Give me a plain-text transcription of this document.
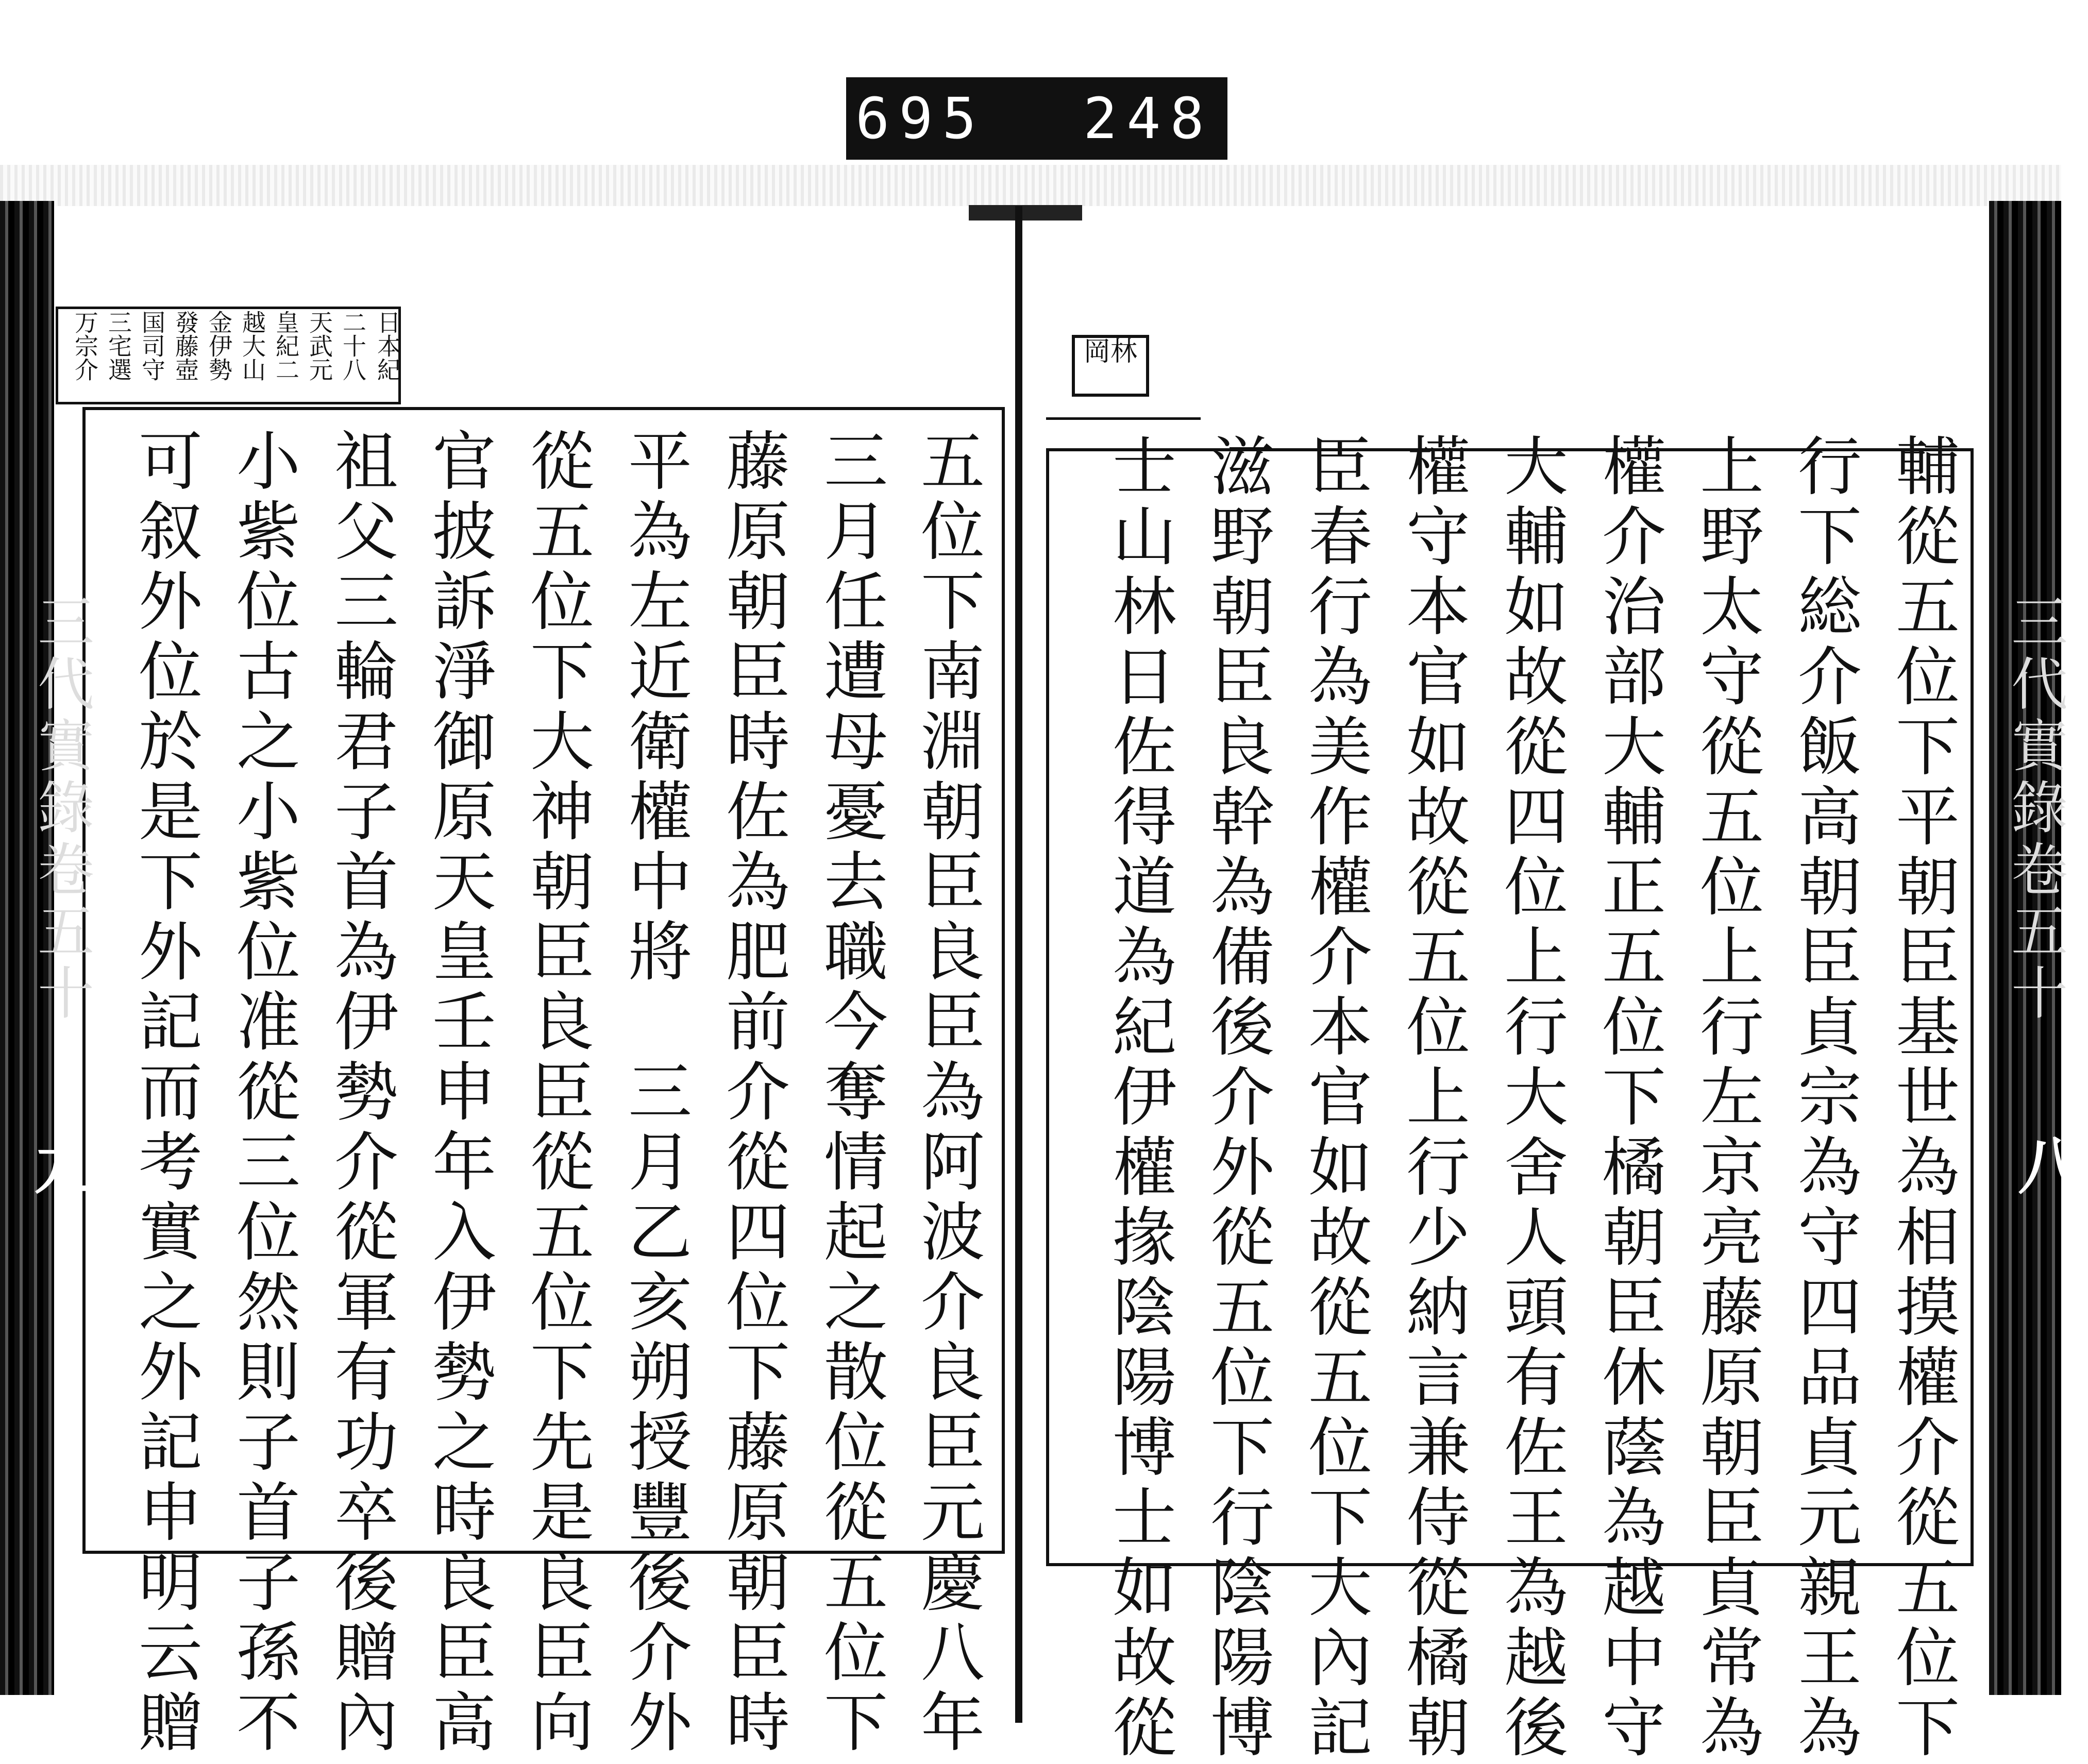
695 248
日本紀
二十八
天武元
皇紀二
越大山
金伊勢
發藤壺
国司守
三宅選
万宗介
五位下南淵朝臣良臣為阿波介良臣元慶八年
三月任遭母憂去職今奪情起之散位從五位下
藤原朝臣時佐為肥前介從四位下藤原朝臣時
平為左近衛權中將　三月乙亥朔授豐後介外
從五位下大神朝臣良臣從五位下先是良臣向
官披訴淨御原天皇壬申年入伊勢之時良臣高
祖父三輪君子首為伊勢介從軍有功卒後贈內
小紫位古之小紫位准從三位然則子首子孫不
可叙外位於是下外記而考實之外記申明云贈
三代實錄卷五十
九
岡林
輔從五位下平朝臣基世為相摸權介從五位下
行下総介飯高朝臣貞宗為守四品貞元親王為
上野太守從五位上行左京亮藤原朝臣貞常為
權介治部大輔正五位下橘朝臣休蔭為越中守
大輔如故從四位上行大舍人頭有佐王為越後
權守本官如故從五位上行少納言兼侍從橘朝
臣春行為美作權介本官如故從五位下大內記
滋野朝臣良幹為備後介外從五位下行陰陽博
士山林日佐得道為紀伊權掾陰陽博士如故從	三代實錄卷五十
八
